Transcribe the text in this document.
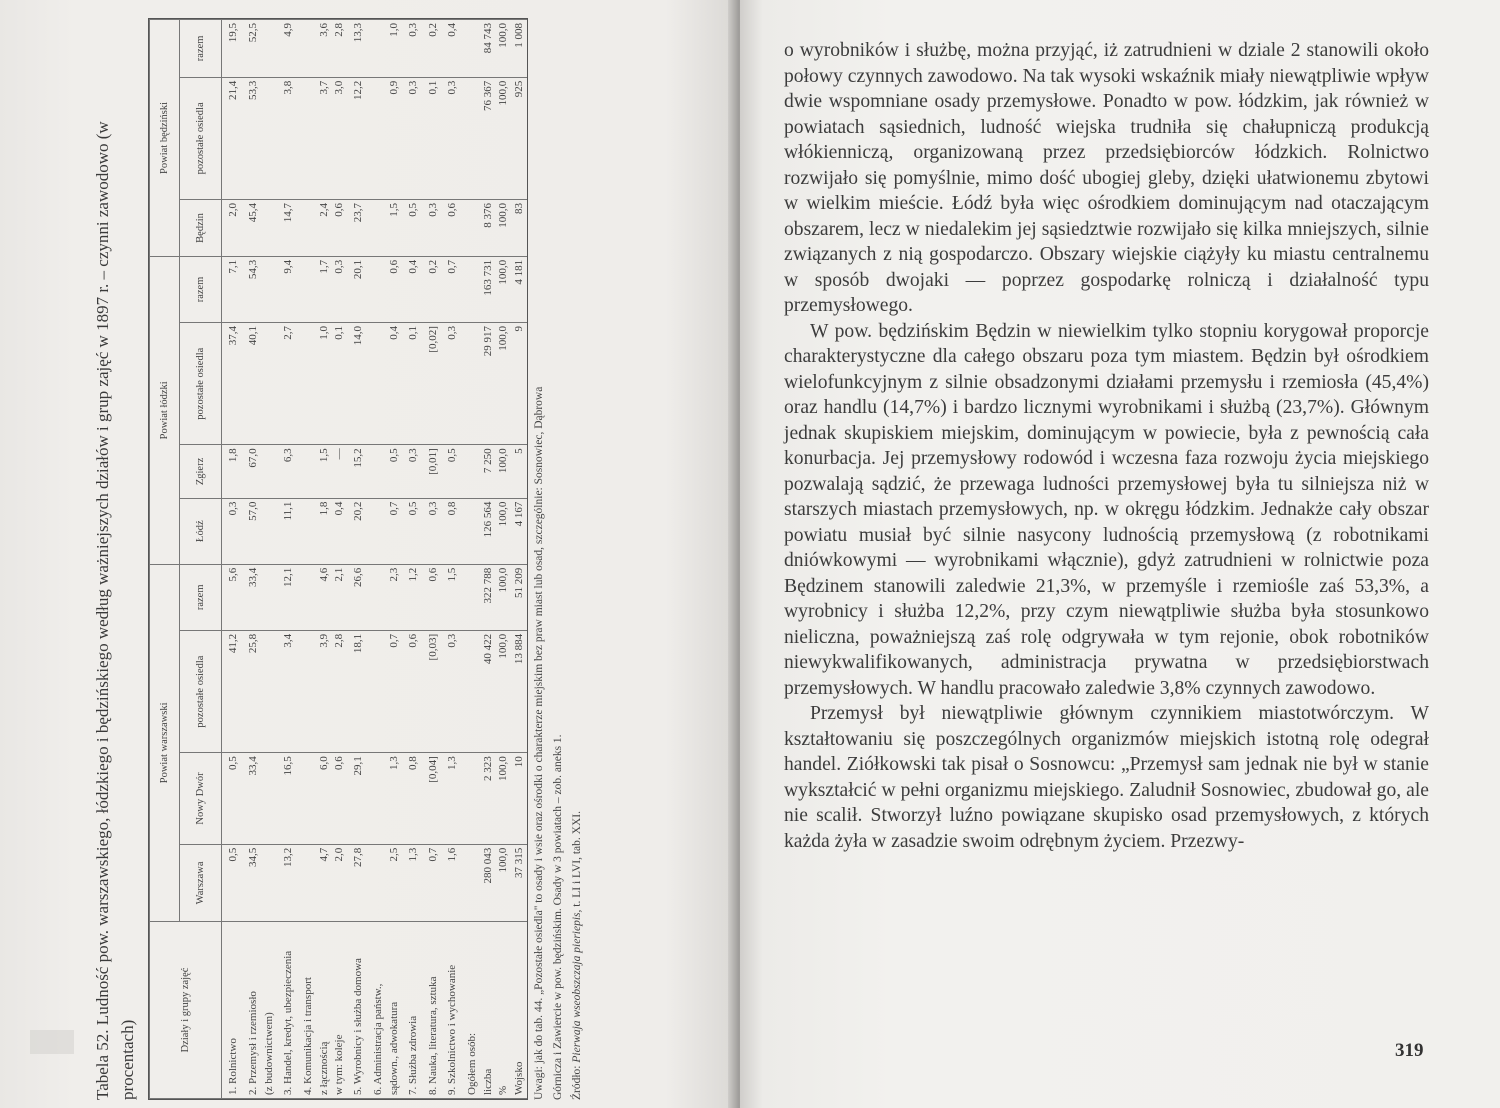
Tabela 52. Ludność pow. warszawskiego, łódzkiego i będzińskiego według ważniejszych działów i grup zajęć w 1897 r. – czynni zawodowo (w procentach)
Działy i grupy zajęć	Powiat warszawski				Powiat łódzki				Powiat będziński		
	Warszawa	Nowy Dwór	pozostałe osiedla	razem	Łódź	Zgierz	pozostałe osiedla	razem	Będzin	pozostałe osiedla	razem
1. Rolnictwo	0,5	0,5	41,2	5,6	0,3	1,8	37,4	7,1	2,0	21,4	19,5
2. Przemysł i rzemiosło	34,5	33,4	25,8	33,4	57,0	67,0	40,1	54,3	45,4	53,3	52,5
(z budownictwem)											
3. Handel, kredyt, ubezpieczenia	13,2	16,5	3,4	12,1	11,1	6,3	2,7	9,4	14,7	3,8	4,9
4. Komunikacja i transport											
z łącznością	4,7	6,0	3,9	4,6	1,8	1,5	1,0	1,7	2,4	3,7	3,6
w tym: koleje	2,0	0,6	2,8	2,1	0,4	—	0,1	0,3	0,6	3,0	2,8
5. Wyrobnicy i służba domowa	27,8	29,1	18,1	26,6	20,2	15,2	14,0	20,1	23,7	12,2	13,3
6. Administracja państw.,											
sądown., adwokatura	2,5	1,3	0,7	2,3	0,7	0,5	0,4	0,6	1,5	0,9	1,0
7. Służba zdrowia	1,3	0,8	0,6	1,2	0,5	0,3	0,1	0,4	0,5	0,3	0,3
8. Nauka, literatura, sztuka	0,7	[0,04]	[0,03]	0,6	0,3	[0,01]	[0,02]	0,2	0,3	0,1	0,2
9. Szkolnictwo i wychowanie	1,6	1,3	0,3	1,5	0,8	0,5	0,3	0,7	0,6	0,3	0,4
Ogółem osób:											
liczba	280 043	2 323	40 422	322 788	126 564	7 250	29 917	163 731	8 376	76 367	84 743
%	100,0	100,0	100,0	100,0	100,0	100,0	100,0	100,0	100,0	100,0	100,0
Wojsko	37 315	10	13 884	51 209	4 167	5	9	4 181	83	925	1 008
Uwagi: jak do tab. 44. „Pozostałe osiedla" to osady i wsie oraz ośrodki o charakterze miejskim bez praw miast lub osad, szczególnie: Sosnowiec, Dąbrowa Górnicza i Zawiercie w pow. będzińskim. Osady w 3 powiatach – zob. aneks 1. Źródło: Pierwaja wseobszczaja pieriepis, t. LI i LVI, tab. XXI.

o wyrobników i służbę, można przyjąć, iż zatrudnieni w dziale 2 stanowili około połowy czynnych zawodowo. Na tak wysoki wskaźnik miały niewątpliwie wpływ dwie wspomniane osady przemysłowe. Ponadto w pow. łódzkim, jak również w powiatach sąsiednich, ludność wiejska trudniła się chałupniczą produkcją włókienniczą, organizowaną przez przedsiębiorców łódzkich. Rolnictwo rozwijało się pomyślnie, mimo dość ubogiej gleby, dzięki ułatwionemu zbytowi w wielkim mieście. Łódź była więc ośrodkiem dominującym nad otaczającym obszarem, lecz w niedalekim jej sąsiedztwie rozwijało się kilka mniejszych, silnie związanych z nią gospodarczo. Obszary wiejskie ciążyły ku miastu centralnemu w sposób dwojaki — poprzez gospodarkę rolniczą i działalność typu przemysłowego.

W pow. będzińskim Będzin w niewielkim tylko stopniu korygował proporcje charakterystyczne dla całego obszaru poza tym miastem. Będzin był ośrodkiem wielofunkcyjnym z silnie obsadzonymi działami przemysłu i rzemiosła (45,4%) oraz handlu (14,7%) i bardzo licznymi wyrobnikami i służbą (23,7%). Głównym jednak skupiskiem miejskim, dominującym w powiecie, była z pewnością cała konurbacja. Jej przemysłowy rodowód i wczesna faza rozwoju życia miejskiego pozwalają sądzić, że przewaga ludności przemysłowej była tu silniejsza niż w starszych miastach przemysłowych, np. w okręgu łódzkim. Jednakże cały obszar powiatu musiał być silnie nasycony ludnością przemysłową (z robotnikami dniówkowymi — wyrobnikami włącznie), gdyż zatrudnieni w rolnictwie poza Będzinem stanowili zaledwie 21,3%, w przemyśle i rzemiośle zaś 53,3%, a wyrobnicy i służba 12,2%, przy czym niewątpliwie służba była stosunkowo nieliczna, poważniejszą zaś rolę odgrywała w tym rejonie, obok robotników niewykwalifikowanych, administracja prywatna w przedsiębiorstwach przemysłowych. W handlu pracowało zaledwie 3,8% czynnych zawodowo.

Przemysł był niewątpliwie głównym czynnikiem miastotwórczym. W kształtowaniu się poszczególnych organizmów miejskich istotną rolę odegrał handel. Ziółkowski tak pisał o Sosnowcu: „Przemysł sam jednak nie był w stanie wykształcić w pełni organizmu miejskiego. Zaludnił Sosnowiec, zbudował go, ale nie scalił. Stworzył luźno powiązane skupisko osad przemysłowych, z których każda żyła w zasadzie swoim odrębnym życiem. Przezwy-

319
